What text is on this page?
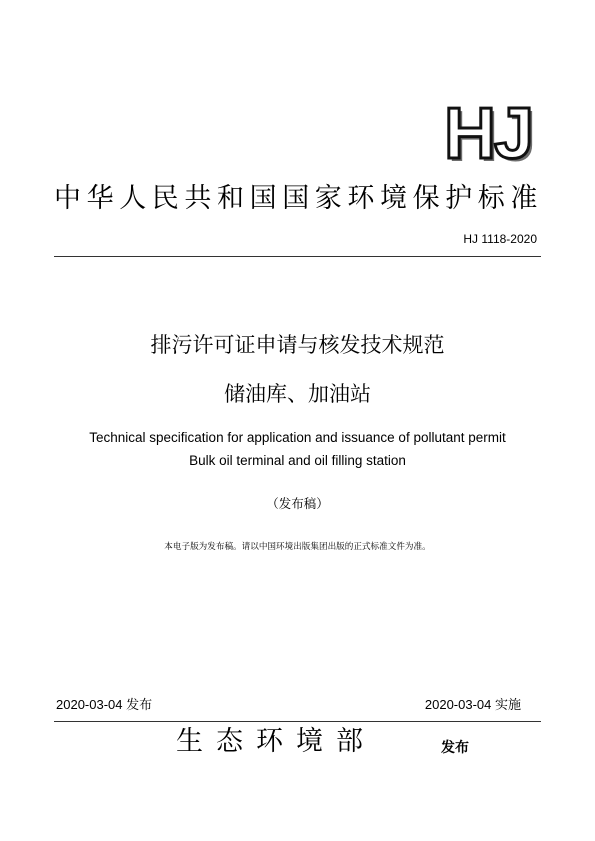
HJ
中华人民共和国国家环境保护标准
HJ 1118-2020
排污许可证申请与核发技术规范
储油库、加油站
Technical specification for application and issuance of pollutant permit
Bulk oil terminal and oil filling station
（发布稿）
本电子版为发布稿。请以中国环境出版集团出版的正式标准文件为准。
2020-03-04 发布	2020-03-04 实施
生态环境部	发布
